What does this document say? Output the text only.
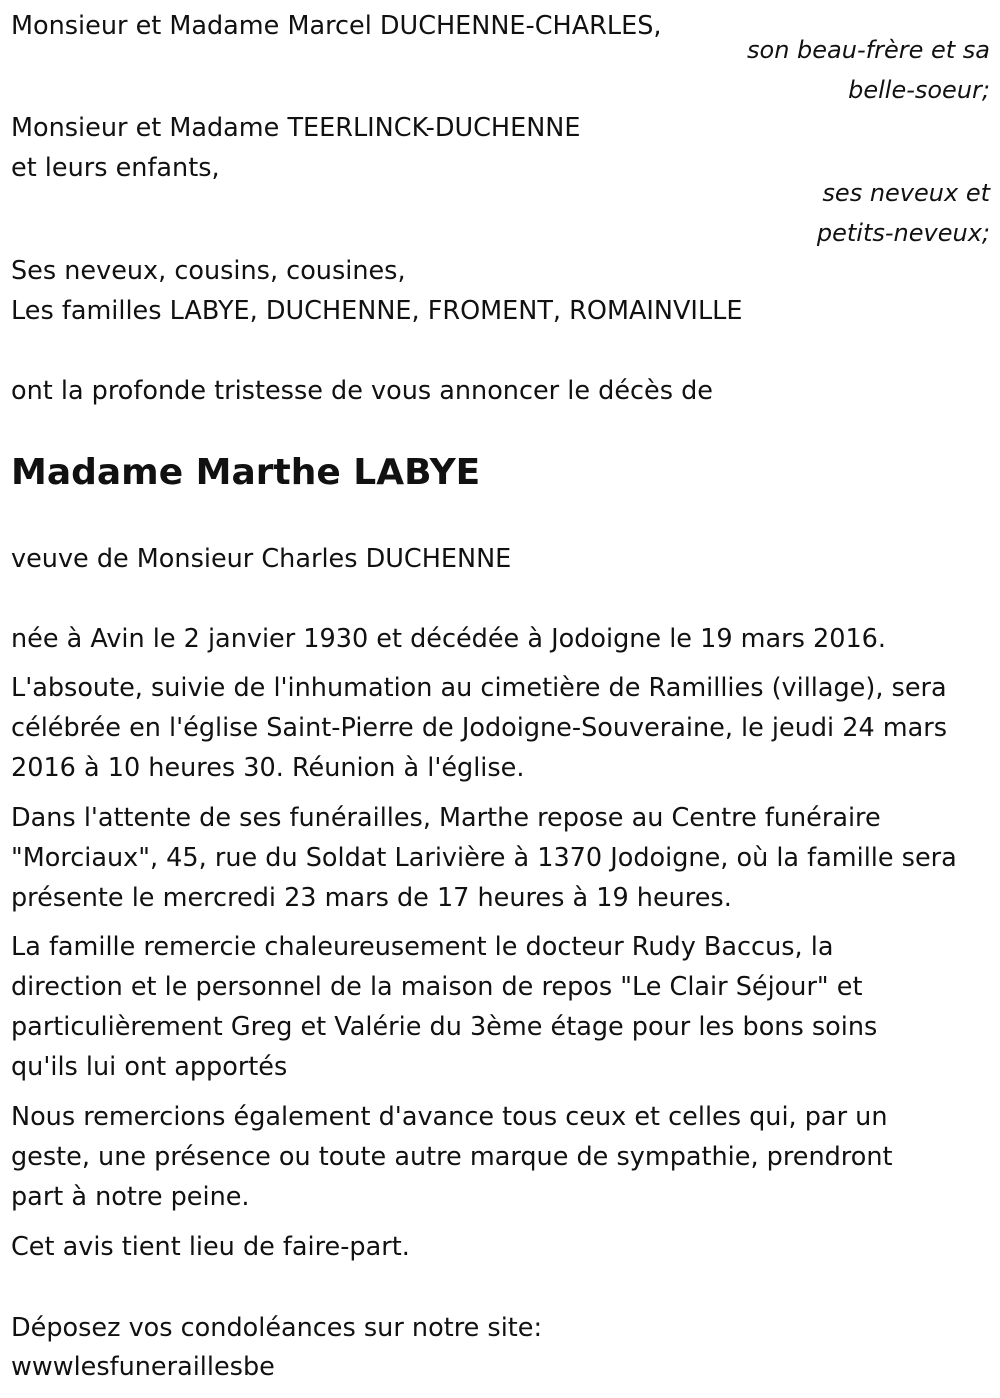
Monsieur et Madame Marcel DUCHENNE-CHARLES,

son beau-frère et sa

belle-soeur;

Monsieur et Madame TEERLINCK-DUCHENNE

et leurs enfants,

ses neveux et

petits-neveux;

Ses neveux, cousins, cousines,

Les familles LABYE, DUCHENNE, FROMENT, ROMAINVILLE

ont la profonde tristesse de vous annoncer le décès de

Madame Marthe LABYE

veuve de Monsieur Charles DUCHENNE

née à Avin le 2 janvier 1930 et décédée à Jodoigne le 19 mars 2016.

L'absoute, suivie de l'inhumation au cimetière de Ramillies (village), sera

célébrée en l'église Saint-Pierre de Jodoigne-Souveraine, le jeudi 24 mars

2016 à 10 heures 30. Réunion à l'église.

Dans l'attente de ses funérailles, Marthe repose au Centre funéraire

"Morciaux", 45, rue du Soldat Larivière à 1370 Jodoigne, où la famille sera

présente le mercredi 23 mars de 17 heures à 19 heures.

La famille remercie chaleureusement le docteur Rudy Baccus, la

direction et le personnel de la maison de repos "Le Clair Séjour" et

particulièrement Greg et Valérie du 3ème étage pour les bons soins

qu'ils lui ont apportés

Nous remercions également d'avance tous ceux et celles qui, par un

geste, une présence ou toute autre marque de sympathie, prendront

part à notre peine.

Cet avis tient lieu de faire-part.

Déposez vos condoléances sur notre site:

wwwlesfuneraillesbe
